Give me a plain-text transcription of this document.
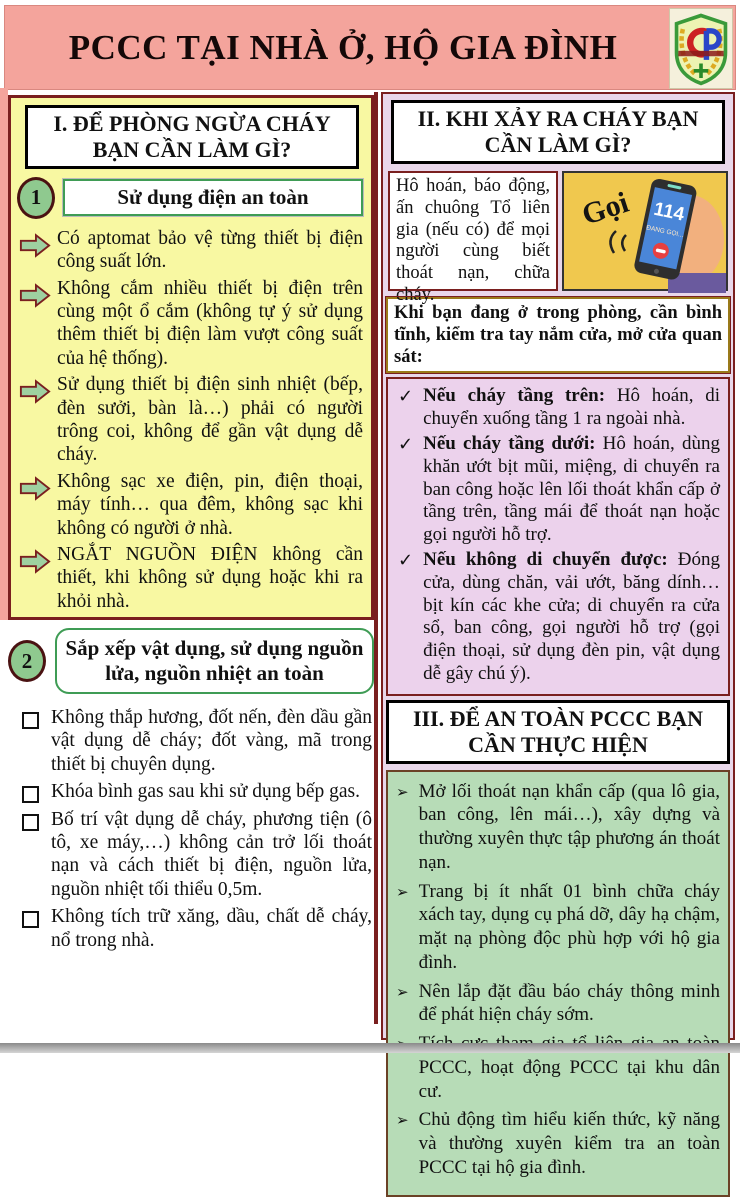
PCCC TẠI NHÀ Ở, HỘ GIA ĐÌNH
I. ĐỂ PHÒNG NGỪA CHÁY BẠN CẦN LÀM GÌ?
1	Sử dụng điện an toàn

Có aptomat bảo vệ từng thiết bị điện công suất lớn.

Không cắm nhiều thiết bị điện trên cùng một ổ cắm (không tự ý sử dụng thêm thiết bị điện làm vượt công suất của hệ thống).

Sử dụng thiết bị điện sinh nhiệt (bếp, đèn sưởi, bàn là…) phải có người trông coi, không để gần vật dụng dễ cháy.

Không sạc xe điện, pin, điện thoại, máy tính… qua đêm, không sạc khi không có người ở nhà.

NGẮT NGUỒN ĐIỆN không cần thiết, khi không sử dụng hoặc khi ra khỏi nhà.

2
Sắp xếp vật dụng, sử dụng nguồn lửa, nguồn nhiệt an toàn

Không thắp hương, đốt nến, đèn dầu gần vật dụng dễ cháy; đốt vàng, mã trong thiết bị chuyên dụng.

Khóa bình gas sau khi sử dụng bếp gas.

Bố trí vật dụng dễ cháy, phương tiện (ô tô, xe máy,…) không cản trở lối thoát nạn và cách thiết bị điện, nguồn lửa, nguồn nhiệt tối thiểu 0,5m.

Không tích trữ xăng, dầu, chất dễ cháy, nổ trong nhà.

II. KHI XẢY RA CHÁY BẠN CẦN LÀM GÌ?
Hô hoán, báo động, ấn chuông Tổ liên gia (nếu có) để mọi người cùng biết thoát nạn, chữa cháy.
114
ĐANG GỌI...
Gọi
Khi bạn đang ở trong phòng, cần bình tĩnh, kiểm tra tay nắm cửa, mở cửa quan sát:
✓ Nếu cháy tầng trên: Hô hoán, di chuyển xuống tầng 1 ra ngoài nhà.

✓ Nếu cháy tầng dưới: Hô hoán, dùng khăn ướt bịt mũi, miệng, di chuyển ra ban công hoặc lên lối thoát khẩn cấp ở tầng trên, tầng mái để thoát nạn hoặc gọi người hỗ trợ.

✓ Nếu không di chuyển được: Đóng cửa, dùng chăn, vải ướt, băng dính… bịt kín các khe cửa; di chuyển ra cửa sổ, ban công, gọi người hỗ trợ (gọi điện thoại, sử dụng đèn pin, vật dụng dễ gây chú ý).

III. ĐỂ AN TOÀN PCCC BẠN CẦN THỰC HIỆN
➢ Mở lối thoát nạn khẩn cấp (qua lô gia, ban công, lên mái…), xây dựng và thường xuyên thực tập phương án thoát nạn.

➢ Trang bị ít nhất 01 bình chữa cháy xách tay, dụng cụ phá dỡ, dây hạ chậm, mặt nạ phòng độc phù hợp với hộ gia đình.

➢ Nên lắp đặt đầu báo cháy thông minh để phát hiện cháy sớm.

PCCC, hoạt động PCCC tại khu dân cư.

➢ Chủ động tìm hiểu kiến thức, kỹ năng và thường xuyên kiểm tra an toàn PCCC tại hộ gia đình.
